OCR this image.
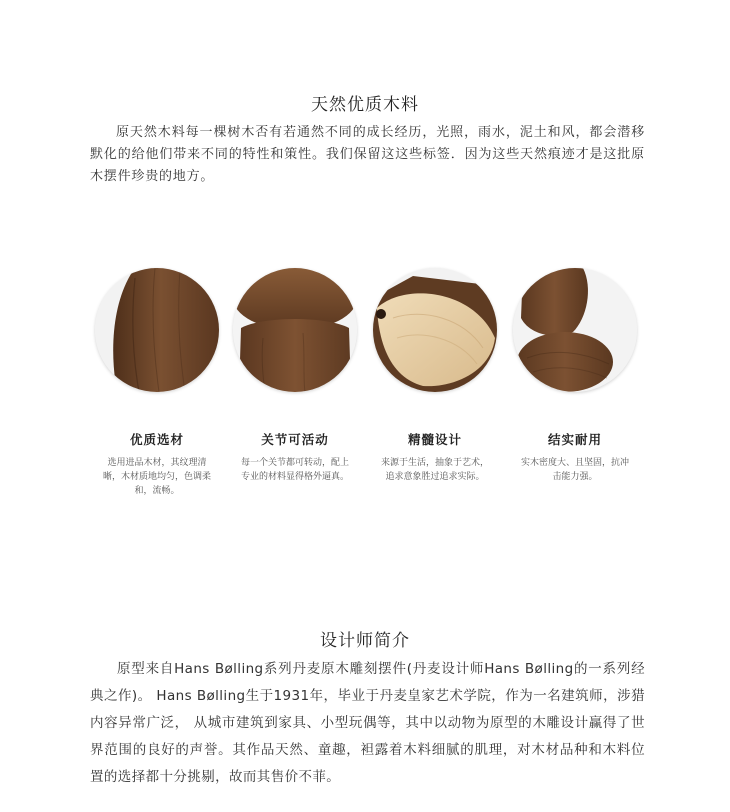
天然优质木料
原天然木料每一棵树木否有若通然不同的成长经历，光照，雨水，泥土和风，都会潜移默化的给他们带来不同的特性和策性。我们保留这这些标签．因为这些天然痕迹才是这批原木摆件珍贵的地方。
优质选材
选用进品木材，其纹理清晰，木材质地均匀，色调柔和，流畅。
关节可活动
每一个关节都可转动，配上专业的材料显得格外逼真。
精髓设计
来源于生活，抽象于艺术，追求意象胜过追求实际。
结实耐用
实木密度大、且坚固，抗冲击能力强。
设计师简介
原型来自Hans Bølling系列丹麦原木雕刻摆件(丹麦设计师Hans Bølling的一系列经典之作)。 Hans Bølling生于1931年，毕业于丹麦皇家艺术学院，作为一名建筑师，涉猎内容异常广泛， 从城市建筑到家具、小型玩偶等，其中以动物为原型的木雕设计赢得了世界范围的良好的声誉。其作品天然、童趣，袒露着木料细腻的肌理，对木材品种和木料位置的选择都十分挑剔，故而其售价不菲。
